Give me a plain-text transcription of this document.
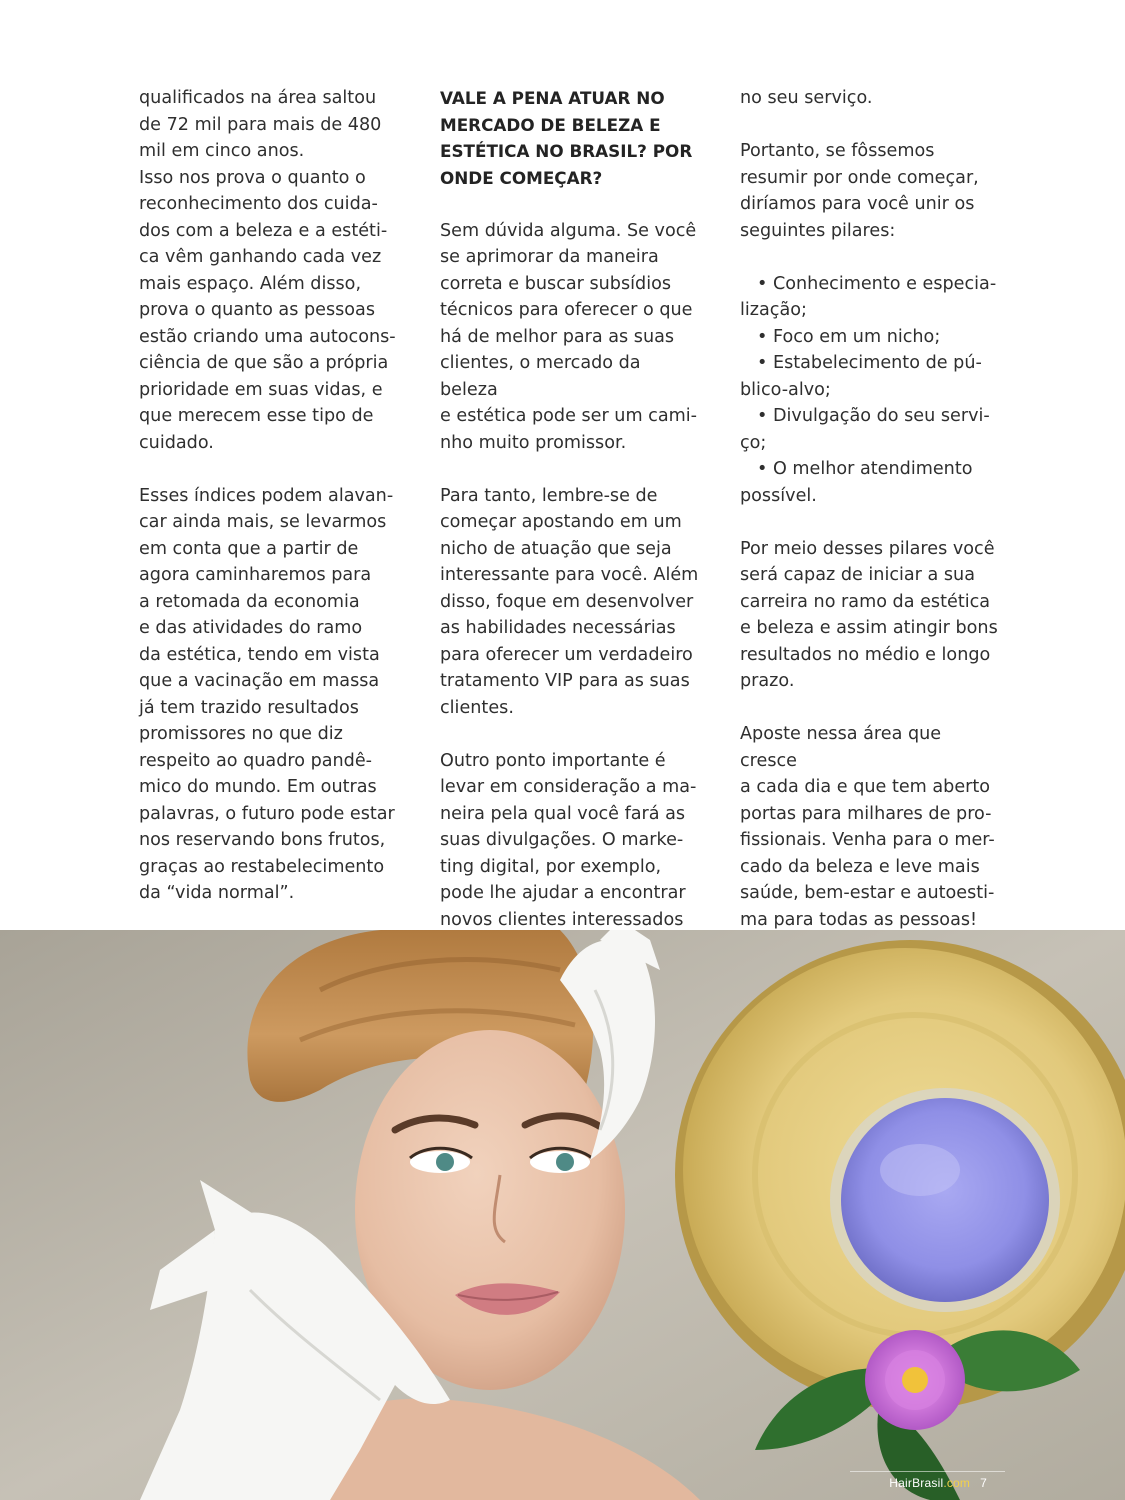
qualificados na área saltou
de 72 mil para mais de 480
mil em cinco anos.
Isso nos prova o quanto o
reconhecimento dos cuida-
dos com a beleza e a estéti-
ca vêm ganhando cada vez
mais espaço. Além disso,
prova o quanto as pessoas
estão criando uma autocons-
ciência de que são a própria
prioridade em suas vidas, e
que merecem esse tipo de
cuidado.

Esses índices podem alavan-
car ainda mais, se levarmos
em conta que a partir de
agora caminharemos para
a retomada da economia
e das atividades do ramo
da estética, tendo em vista
que a vacinação em massa
já tem trazido resultados
promissores no que diz
respeito ao quadro pandê-
mico do mundo. Em outras
palavras, o futuro pode estar
nos reservando bons frutos,
graças ao restabelecimento
da “vida normal”.

VALE A PENA ATUAR NO
MERCADO DE BELEZA E
ESTÉTICA NO BRASIL? POR
ONDE COMEÇAR?

Sem dúvida alguma. Se você
se aprimorar da maneira
correta e buscar subsídios
técnicos para oferecer o que
há de melhor para as suas
clientes, o mercado da beleza
e estética pode ser um cami-
nho muito promissor.

Para tanto, lembre-se de
começar apostando em um
nicho de atuação que seja
interessante para você. Além
disso, foque em desenvolver
as habilidades necessárias
para oferecer um verdadeiro
tratamento VIP para as suas
clientes.

Outro ponto importante é
levar em consideração a ma-
neira pela qual você fará as
suas divulgações. O marke-
ting digital, por exemplo,
pode lhe ajudar a encontrar
novos clientes interessados

no seu serviço.

Portanto, se fôssemos
resumir por onde começar,
diríamos para você unir os
seguintes pilares:

• Conhecimento e especia-
lização;
• Foco em um nicho;
• Estabelecimento de pú-
blico-alvo;
• Divulgação do seu servi-
ço;
• O melhor atendimento
possível.

Por meio desses pilares você
será capaz de iniciar a sua
carreira no ramo da estética
e beleza e assim atingir bons
resultados no médio e longo
prazo.

Aposte nessa área que cresce
a cada dia e que tem aberto
portas para milhares de pro-
fissionais. Venha para o mer-
cado da beleza e leve mais
saúde, bem-estar e autoesti-
ma para todas as pessoas!

HairBrasil.com 7
